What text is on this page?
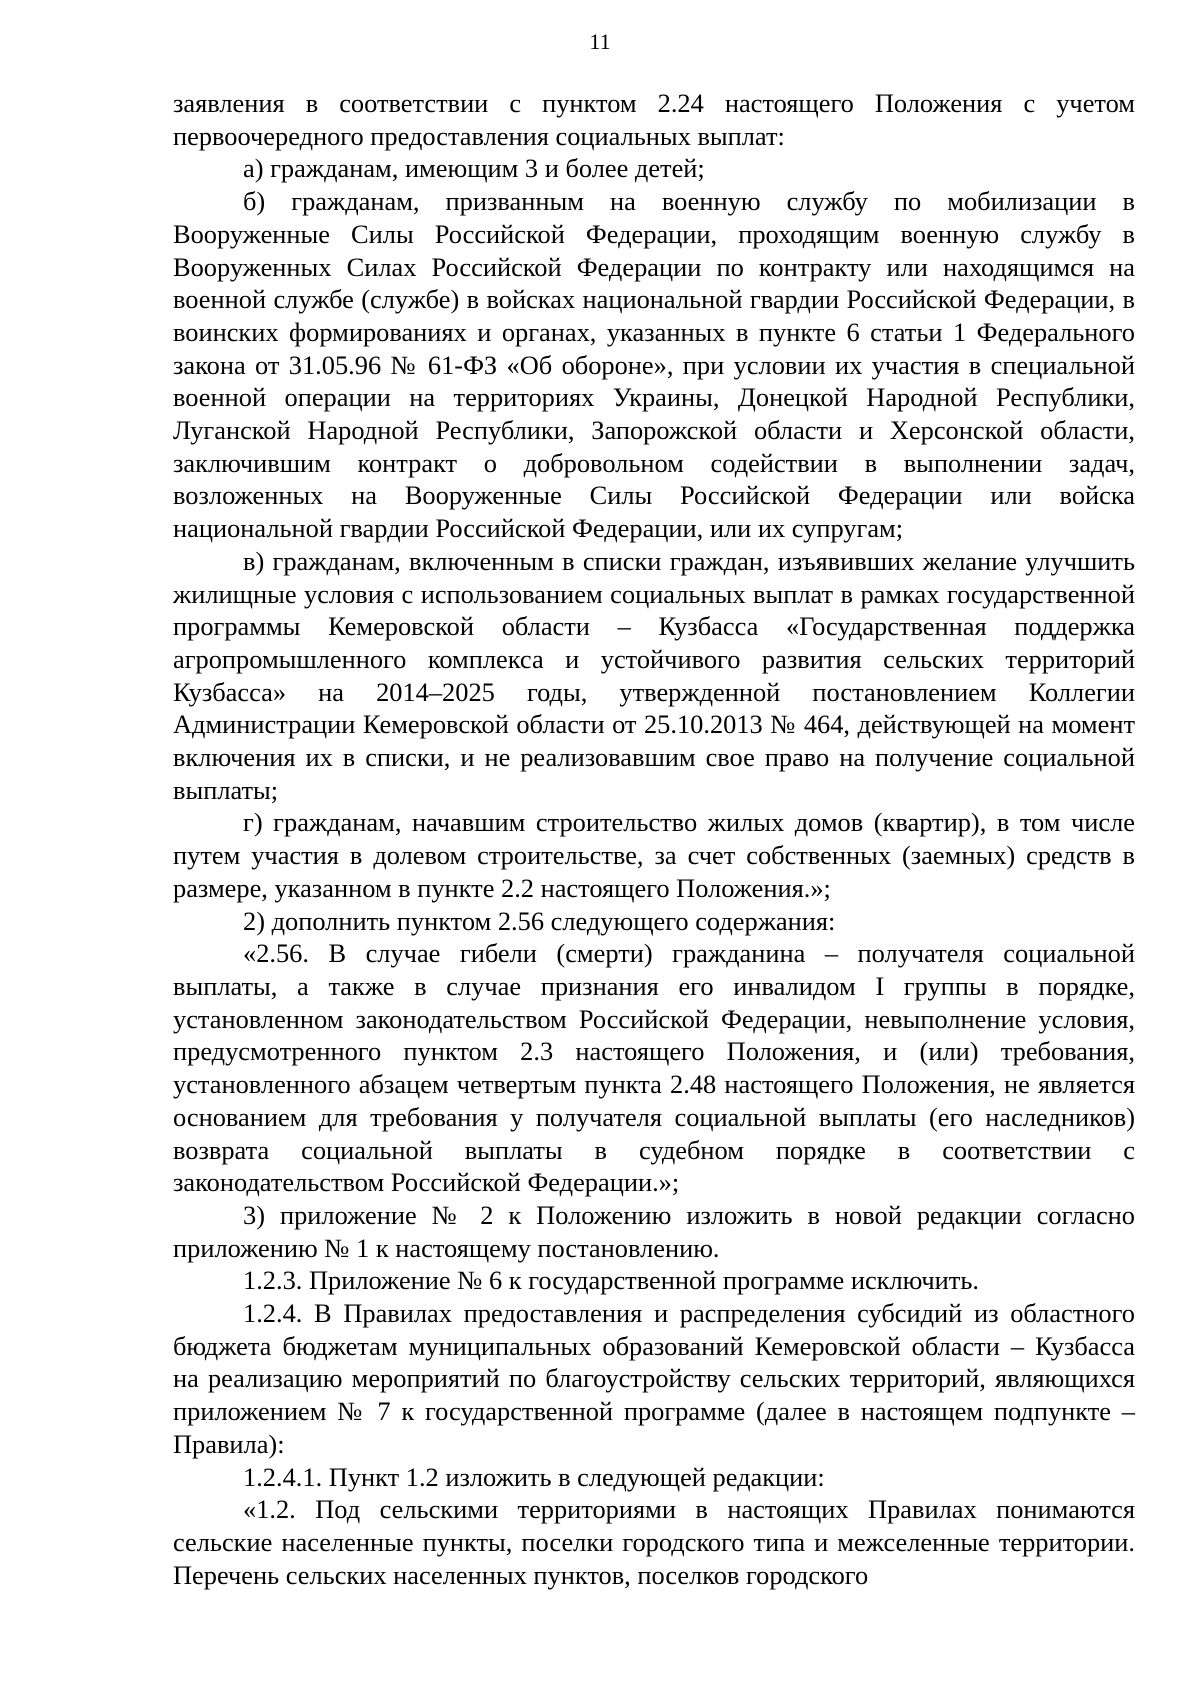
11

заявления в соответствии с пунктом 2.24 настоящего Положения с учетом первоочередного предоставления социальных выплат:

а) гражданам, имеющим 3 и более детей;

б) гражданам, призванным на военную службу по мобилизации в Вооруженные Силы Российской Федерации, проходящим военную службу в Вооруженных Силах Российской Федерации по контракту или находящимся на военной службе (службе) в войсках национальной гвардии Российской Федерации, в воинских формированиях и органах, указанных в пункте 6 статьи 1 Федерального закона от 31.05.96 № 61-ФЗ «Об обороне», при условии их участия в специальной военной операции на территориях Украины, Донецкой Народной Республики, Луганской Народной Республики, Запорожской области и Херсонской области, заключившим контракт о добровольном содействии в выполнении задач, возложенных на Вооруженные Силы Российской Федерации или войска национальной гвардии Российской Федерации, или их супругам;

в) гражданам, включенным в списки граждан, изъявивших желание улучшить жилищные условия с использованием социальных выплат в рамках государственной программы Кемеровской области – Кузбасса «Государственная поддержка агропромышленного комплекса и устойчивого развития сельских территорий Кузбасса» на 2014–2025 годы, утвержденной постановлением Коллегии Администрации Кемеровской области от 25.10.2013 № 464, действующей на момент включения их в списки, и не реализовавшим свое право на получение социальной выплаты;

г) гражданам, начавшим строительство жилых домов (квартир), в том числе путем участия в долевом строительстве, за счет собственных (заемных) средств в размере, указанном в пункте 2.2 настоящего Положения.»;

2) дополнить пунктом 2.56 следующего содержания:

«2.56. В случае гибели (смерти) гражданина – получателя социальной выплаты, а также в случае признания его инвалидом I группы в порядке, установленном законодательством Российской Федерации, невыполнение условия, предусмотренного пунктом 2.3 настоящего Положения, и (или) требования, установленного абзацем четвертым пункта 2.48 настоящего Положения, не является основанием для требования у получателя социальной выплаты (его наследников) возврата социальной выплаты в судебном порядке в соответствии с законодательством Российской Федерации.»;

3) приложение № 2 к Положению изложить в новой редакции согласно приложению № 1 к настоящему постановлению.

1.2.3. Приложение № 6 к государственной программе исключить.

1.2.4. В Правилах предоставления и распределения субсидий из областного бюджета бюджетам муниципальных образований Кемеровской области – Кузбасса на реализацию мероприятий по благоустройству сельских территорий, являющихся приложением № 7 к государственной программе (далее в настоящем подпункте – Правила):

1.2.4.1. Пункт 1.2 изложить в следующей редакции:

«1.2. Под сельскими территориями в настоящих Правилах понимаются сельские населенные пункты, поселки городского типа и межселенные территории. Перечень сельских населенных пунктов, поселков городского
